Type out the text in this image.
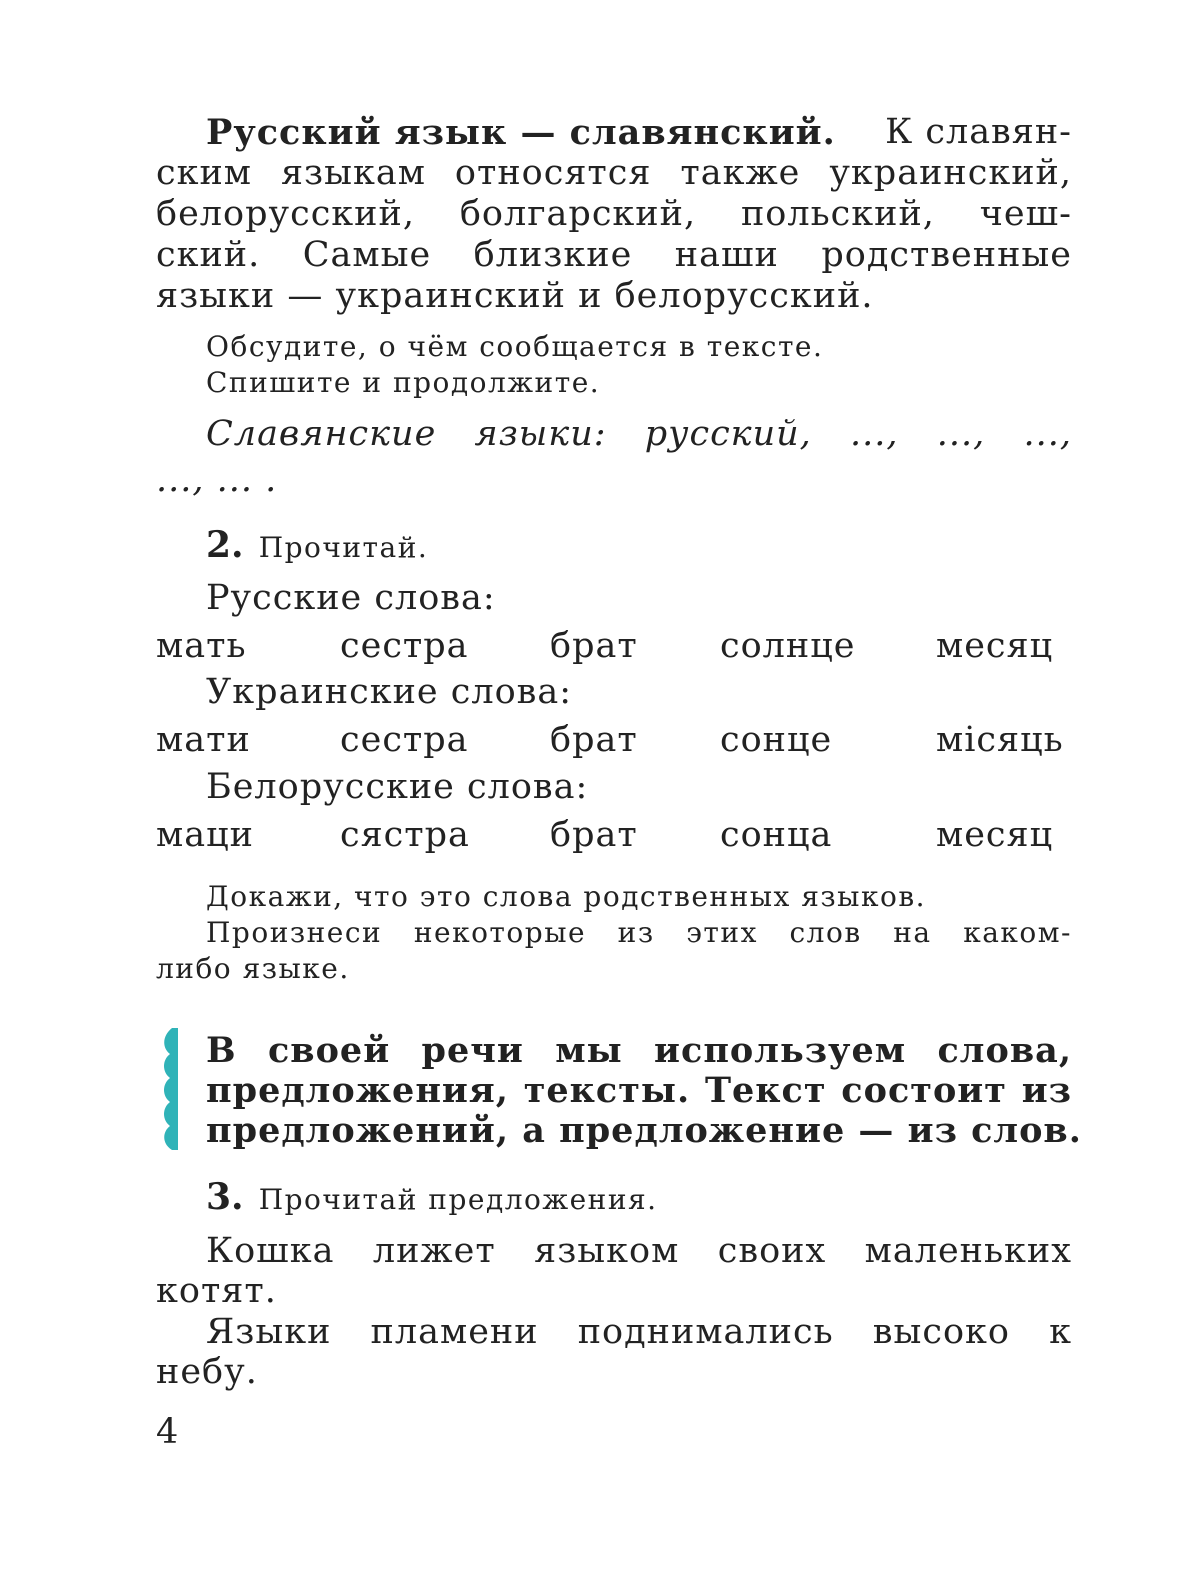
Русский язык — славянский. К славян-
ским языкам относятся также украинский,
белорусский, болгарский, польский, чеш-
ский. Самые близкие наши родственные
языки — украинский и белорусский.
Обсудите, о чём сообщается в тексте.
Спишите и продолжите.
Славянские языки: русский, ..., ..., ...,
..., ... .
2. Прочитай.
Русские слова:
мать	сестра брат солнце месяц
Украинские слова:
мати	сестра брат сонце	місяць
Белорусские слова:
маци сястра брат сонца	месяц
Докажи, что это слова родственных языков.
Произнеси некоторые из этих слов на каком-
либо языке.
В своей речи мы используем слова,
предложения, тексты. Текст состоит из
предложений, а предложение — из слов.
3. Прочитай предложения.
Кошка лижет языком своих маленьких
котят.
Языки пламени поднимались высоко к
небу.
4
